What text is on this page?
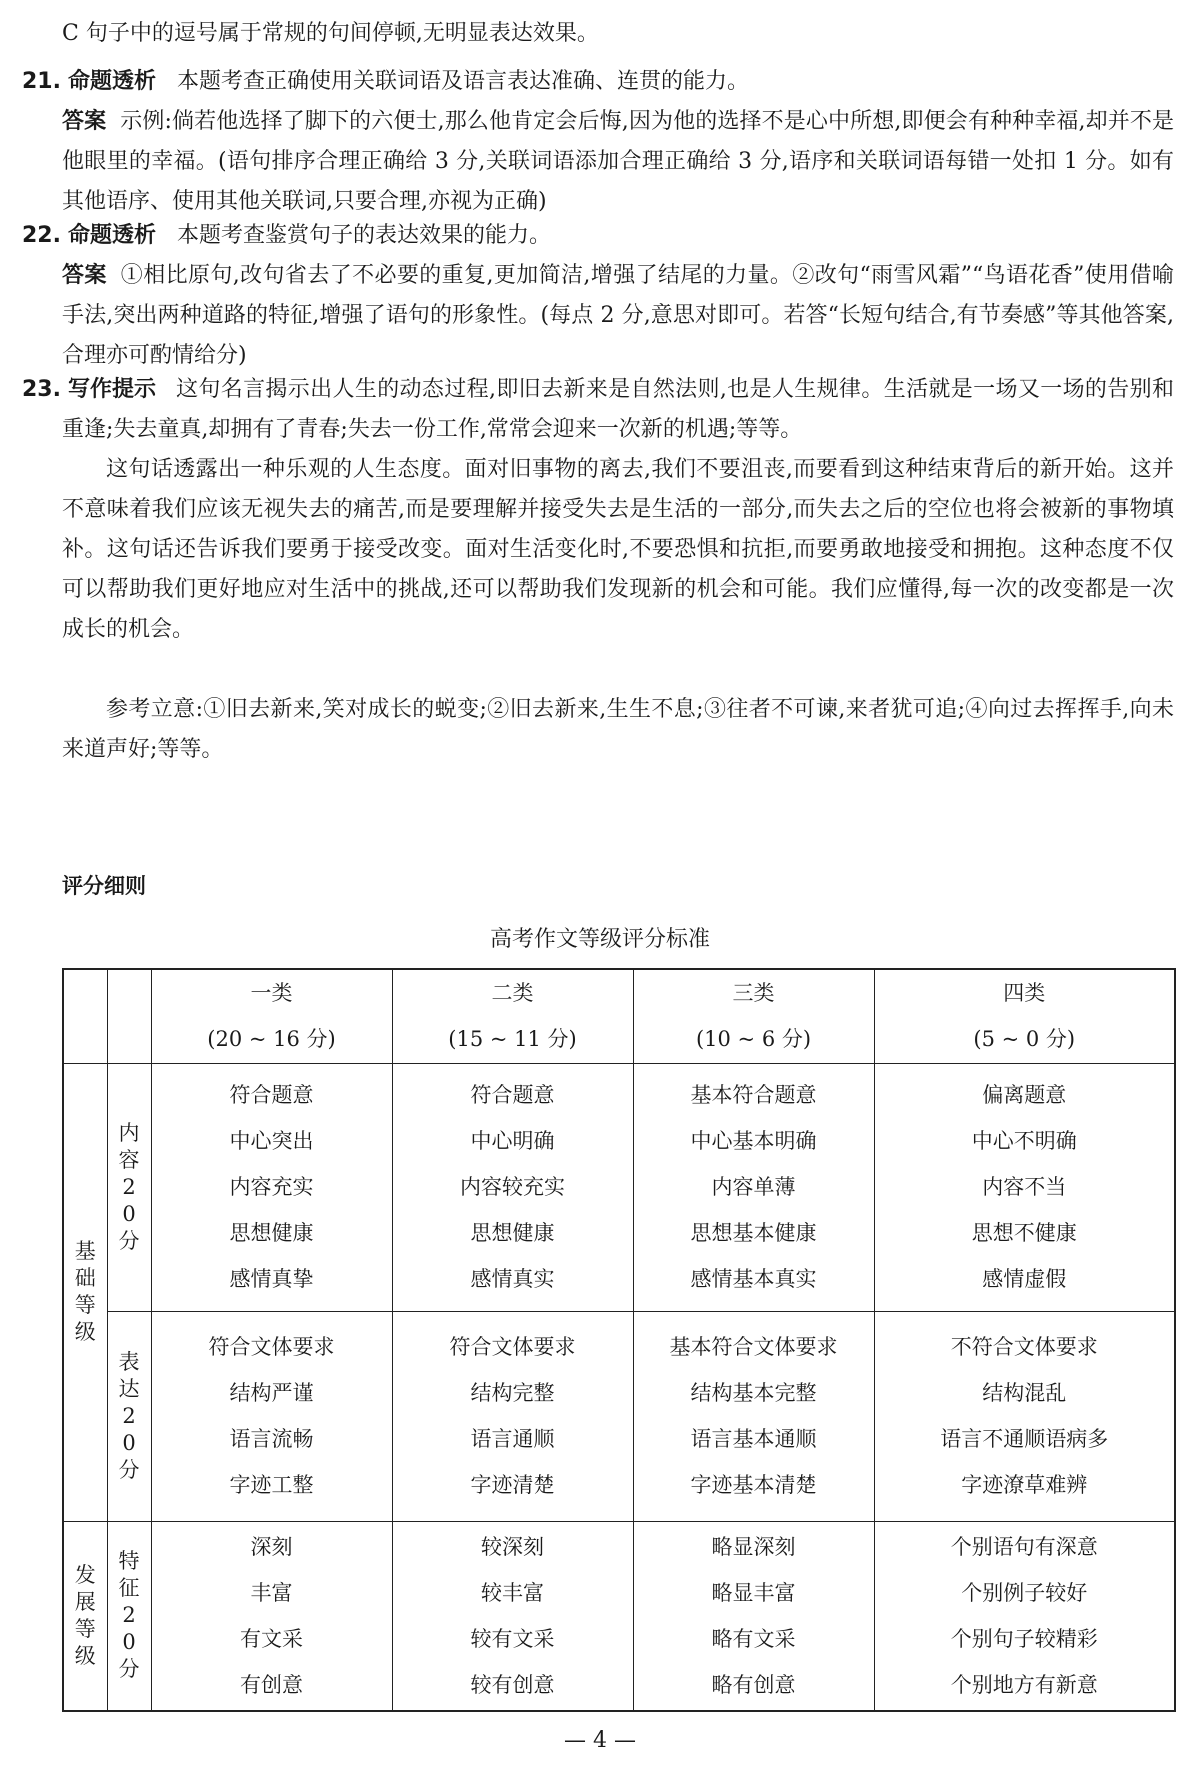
C 句子中的逗号属于常规的句间停顿,无明显表达效果。
21. 命题透析 本题考查正确使用关联词语及语言表达准确、连贯的能力。
答案 示例:倘若他选择了脚下的六便士,那么他肯定会后悔,因为他的选择不是心中所想,即便会有种种幸福,却并不是他眼里的幸福。(语句排序合理正确给 3 分,关联词语添加合理正确给 3 分,语序和关联词语每错一处扣 1 分。如有其他语序、使用其他关联词,只要合理,亦视为正确)
22. 命题透析 本题考查鉴赏句子的表达效果的能力。
答案 ①相比原句,改句省去了不必要的重复,更加简洁,增强了结尾的力量。②改句“雨雪风霜”“鸟语花香”使用借喻手法,突出两种道路的特征,增强了语句的形象性。(每点 2 分,意思对即可。若答“长短句结合,有节奏感”等其他答案,合理亦可酌情给分)
23. 写作提示 这句名言揭示出人生的动态过程,即旧去新来是自然法则,也是人生规律。生活就是一场又一场的告别和重逢;失去童真,却拥有了青春;失去一份工作,常常会迎来一次新的机遇;等等。
这句话透露出一种乐观的人生态度。面对旧事物的离去,我们不要沮丧,而要看到这种结束背后的新开始。这并不意味着我们应该无视失去的痛苦,而是要理解并接受失去是生活的一部分,而失去之后的空位也将会被新的事物填补。这句话还告诉我们要勇于接受改变。面对生活变化时,不要恐惧和抗拒,而要勇敢地接受和拥抱。这种态度不仅可以帮助我们更好地应对生活中的挑战,还可以帮助我们发现新的机会和可能。我们应懂得,每一次的改变都是一次成长的机会。
参考立意:①旧去新来,笑对成长的蜕变;②旧去新来,生生不息;③往者不可谏,来者犹可追;④向过去挥挥手,向未来道声好;等等。
评分细则
高考作文等级评分标准

		一类
(20 ~ 16 分)	二类
(15 ~ 11 分)	三类
(10 ~ 6 分)	四类
(5 ~ 0 分)

基础等级	内容20分	符合题意
中心突出
内容充实
思想健康
感情真挚	符合题意
中心明确
内容较充实
思想健康
感情真实	基本符合题意
中心基本明确
内容单薄
思想基本健康
感情基本真实	偏离题意
中心不明确
内容不当
思想不健康
感情虚假

	表达20分	符合文体要求
结构严谨
语言流畅
字迹工整	符合文体要求
结构完整
语言通顺
字迹清楚	基本符合文体要求
结构基本完整
语言基本通顺
字迹基本清楚	不符合文体要求
结构混乱
语言不通顺语病多
字迹潦草难辨

发展等级	特征20分	深刻
丰富
有文采
有创意	较深刻
较丰富
较有文采
较有创意	略显深刻
略显丰富
略有文采
略有创意	个别语句有深意
个别例子较好
个别句子较精彩
个别地方有新意
— 4 —
